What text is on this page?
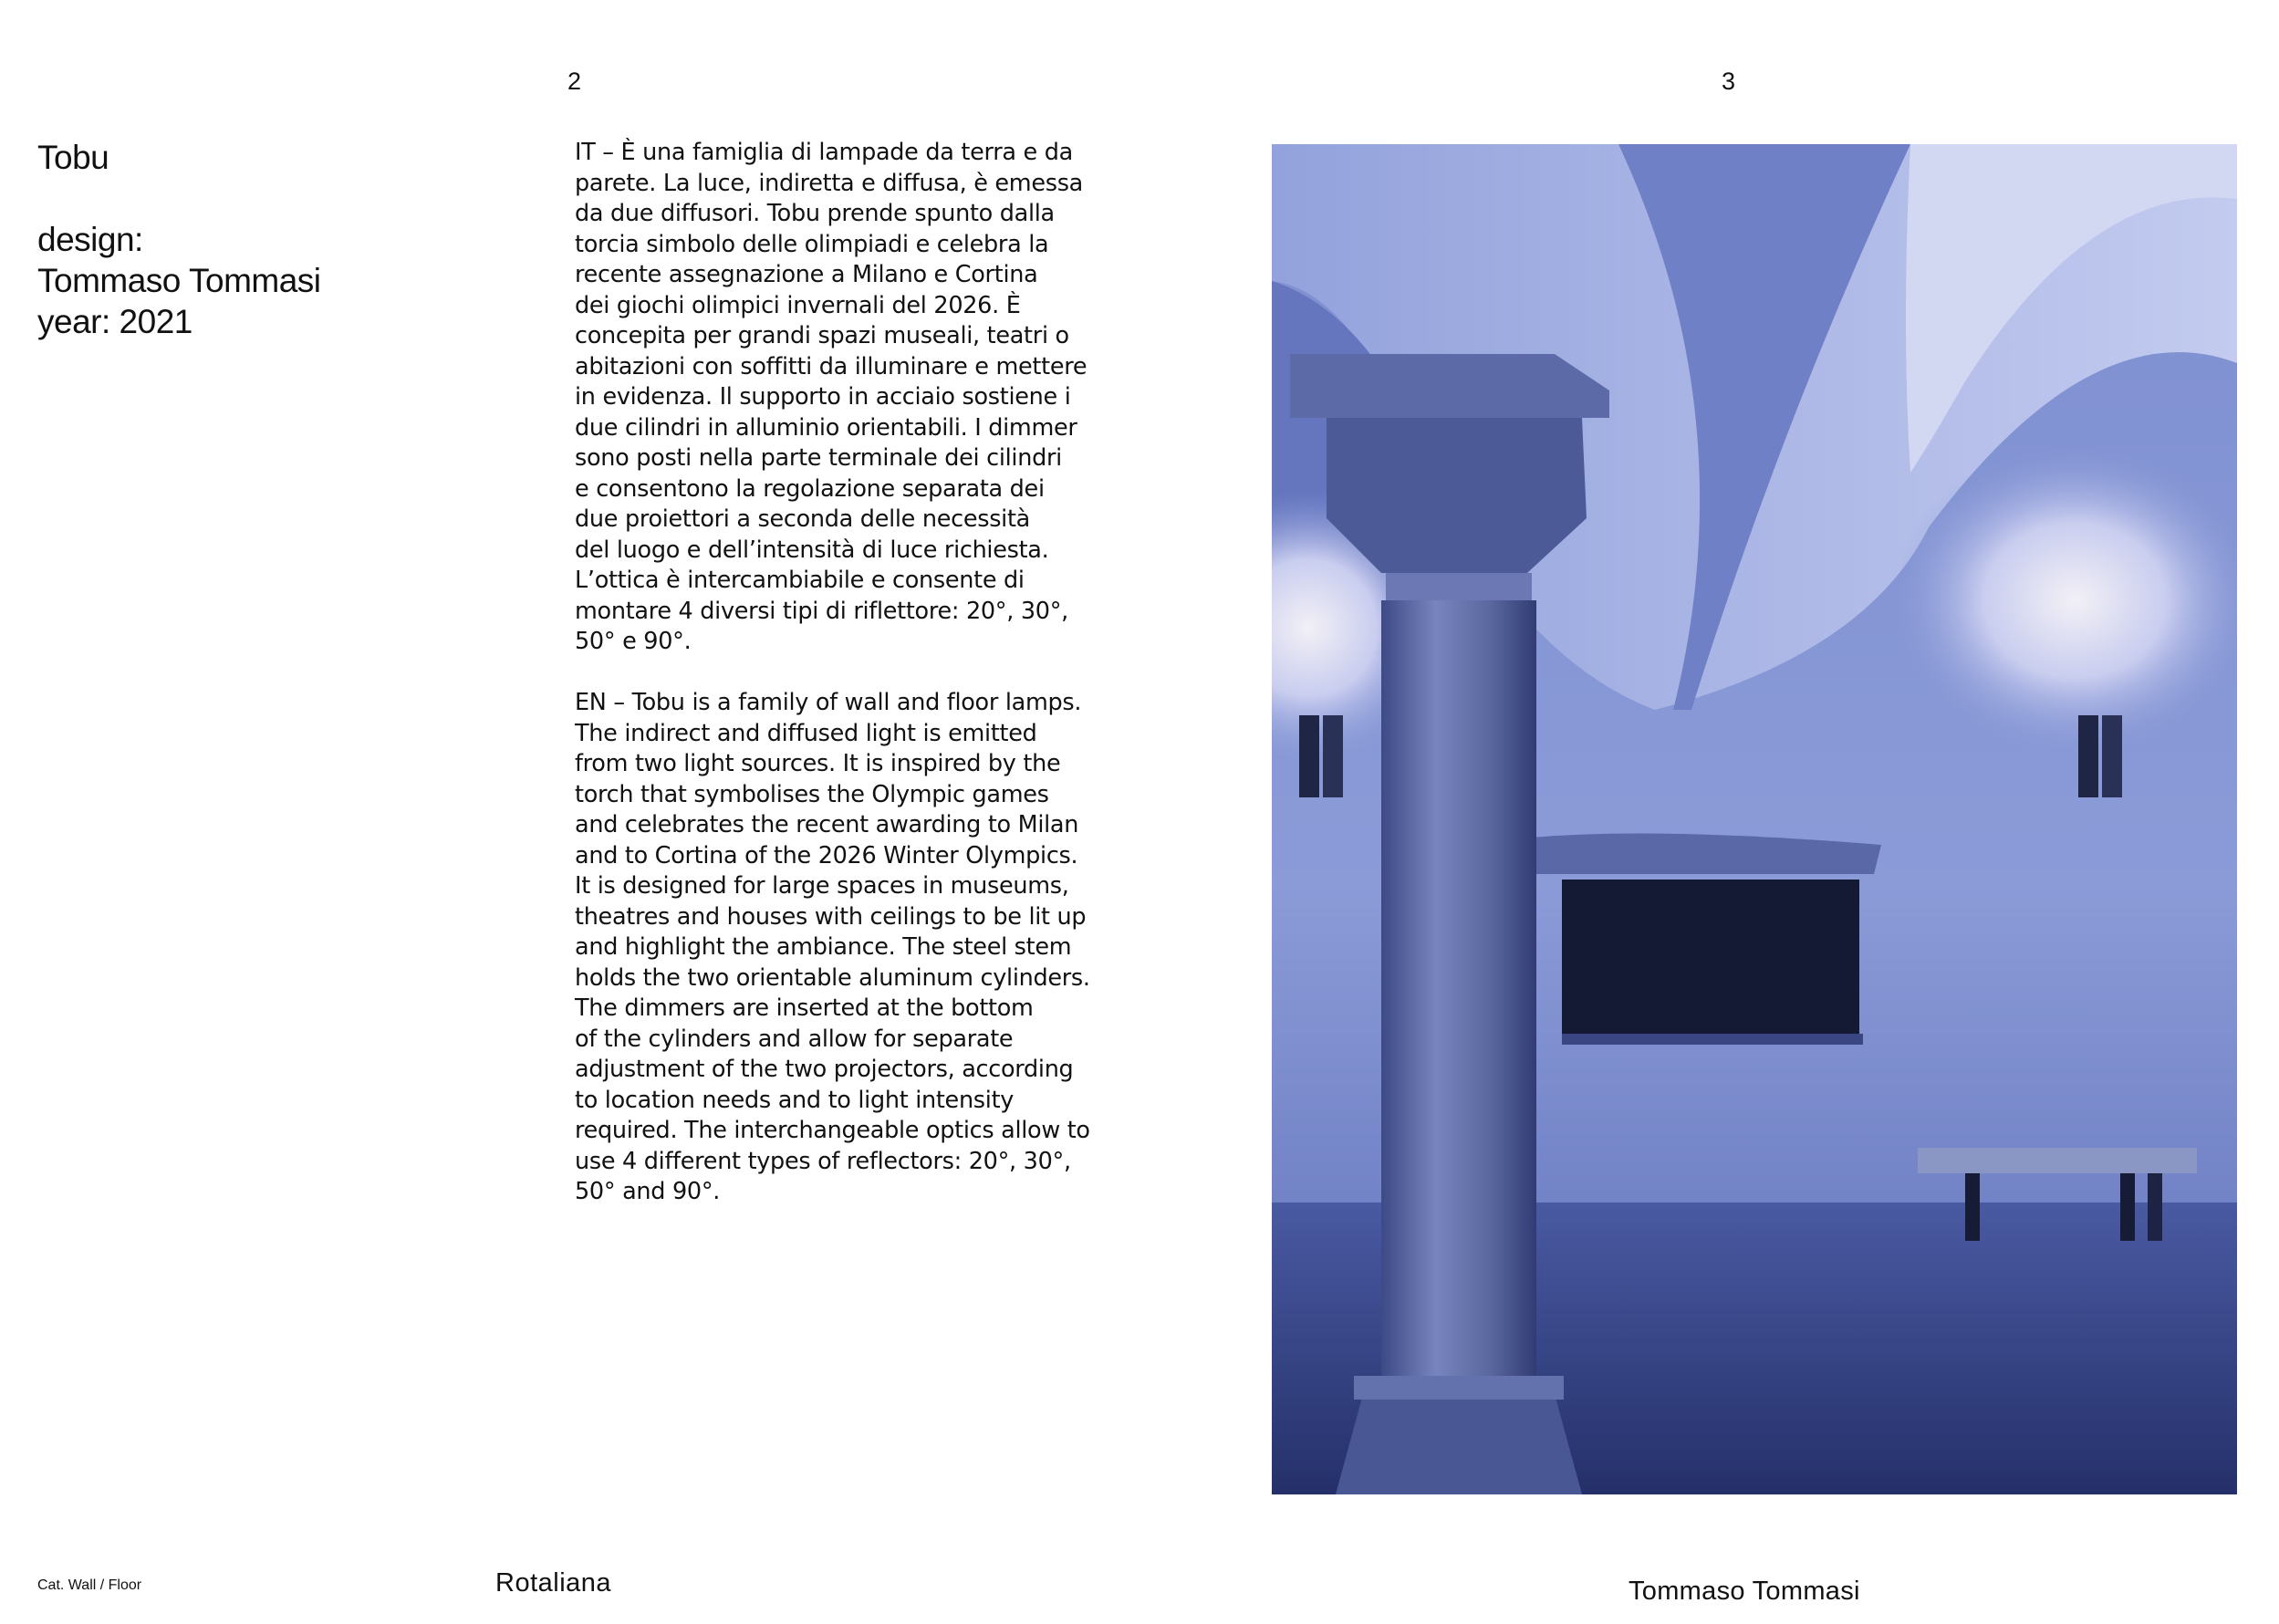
2	3
Tobu
design:
Tommaso Tommasi
year: 2021

IT – È una famiglia di lampade da terra e da

parete. La luce, indiretta e diffusa, è emessa

da due diffusori. Tobu prende spunto dalla

torcia simbolo delle olimpiadi e celebra la

recente assegnazione a Milano e Cortina

dei giochi olimpici invernali del 2026. È

concepita per grandi spazi museali, teatri o

abitazioni con soffitti da illuminare e mettere

in evidenza. Il supporto in acciaio sostiene i

due cilindri in alluminio orientabili. I dimmer

sono posti nella parte terminale dei cilindri

e consentono la regolazione separata dei

due proiettori a seconda delle necessità

del luogo e dell’intensità di luce richiesta.

L’ottica è intercambiabile e consente di

montare 4 diversi tipi di riflettore: 20°, 30°,

50° e 90°.

EN – Tobu is a family of wall and floor lamps.

The indirect and diffused light is emitted

from two light sources. It is inspired by the

torch that symbolises the Olympic games

and celebrates the recent awarding to Milan

and to Cortina of the 2026 Winter Olympics.

It is designed for large spaces in museums,

theatres and houses with ceilings to be lit up

and highlight the ambiance. The steel stem

holds the two orientable aluminum cylinders.

The dimmers are inserted at the bottom

of the cylinders and allow for separate

adjustment of the two projectors, according

to location needs and to light intensity

required. The interchangeable optics allow to

use 4 different types of reflectors: 20°, 30°,

50° and 90°.

Cat. Wall / Floor	Rotaliana	Tommaso Tommasi
